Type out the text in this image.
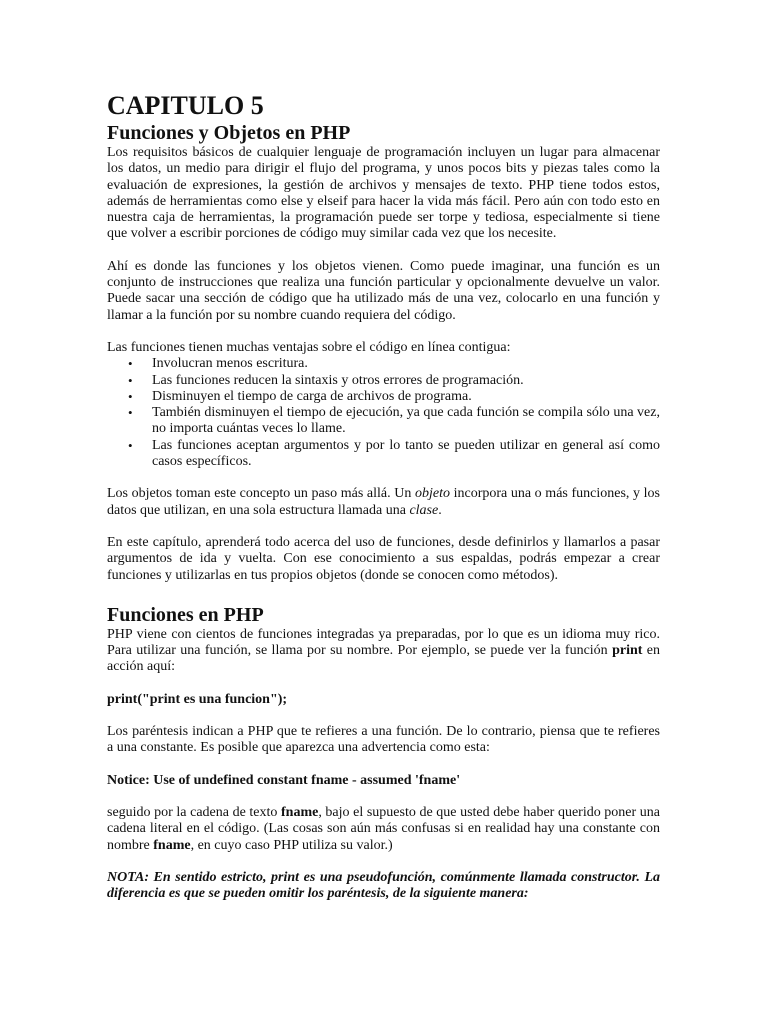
CAPITULO 5
Funciones y Objetos en PHP

Los requisitos básicos de cualquier lenguaje de programación incluyen un lugar para almacenar los datos, un medio para dirigir el flujo del programa, y unos pocos bits y piezas tales como la evaluación de expresiones, la gestión de archivos y mensajes de texto. PHP tiene todos estos, además de herramientas como else y elseif para hacer la vida más fácil. Pero aún con todo esto en nuestra caja de herramientas, la programación puede ser torpe y tediosa, especialmente si tiene que volver a escribir porciones de código muy similar cada vez que los necesite.

Ahí es donde las funciones y los objetos vienen. Como puede imaginar, una función es un conjunto de instrucciones que realiza una función particular y opcionalmente devuelve un valor. Puede sacar una sección de código que ha utilizado más de una vez, colocarlo en una función y llamar a la función por su nombre cuando requiera del código.

Las funciones tienen muchas ventajas sobre el código en línea contigua:

• Involucran menos escritura.
• Las funciones reducen la sintaxis y otros errores de programación.
• Disminuyen el tiempo de carga de archivos de programa.
• También disminuyen el tiempo de ejecución, ya que cada función se compila sólo una vez, no importa cuántas veces lo llame.
• Las funciones aceptan argumentos y por lo tanto se pueden utilizar en general así como casos específicos.

Los objetos toman este concepto un paso más allá. Un objeto incorpora una o más funciones, y los datos que utilizan, en una sola estructura llamada una clase.

En este capítulo, aprenderá todo acerca del uso de funciones, desde definirlos y llamarlos a pasar argumentos de ida y vuelta. Con ese conocimiento a sus espaldas, podrás empezar a crear funciones y utilizarlas en tus propios objetos (donde se conocen como métodos).

Funciones en PHP

PHP viene con cientos de funciones integradas ya preparadas, por lo que es un idioma muy rico. Para utilizar una función, se llama por su nombre. Por ejemplo, se puede ver la función print en acción aquí:

print("print es una funcion");

Los paréntesis indican a PHP que te refieres a una función. De lo contrario, piensa que te refieres a una constante. Es posible que aparezca una advertencia como esta:

Notice: Use of undefined constant fname - assumed 'fname'

seguido por la cadena de texto fname, bajo el supuesto de que usted debe haber querido poner una cadena literal en el código. (Las cosas son aún más confusas si en realidad hay una constante con nombre fname, en cuyo caso PHP utiliza su valor.)

NOTA: En sentido estricto, print es una pseudofunción, comúnmente llamada constructor. La diferencia es que se pueden omitir los paréntesis, de la siguiente manera:
